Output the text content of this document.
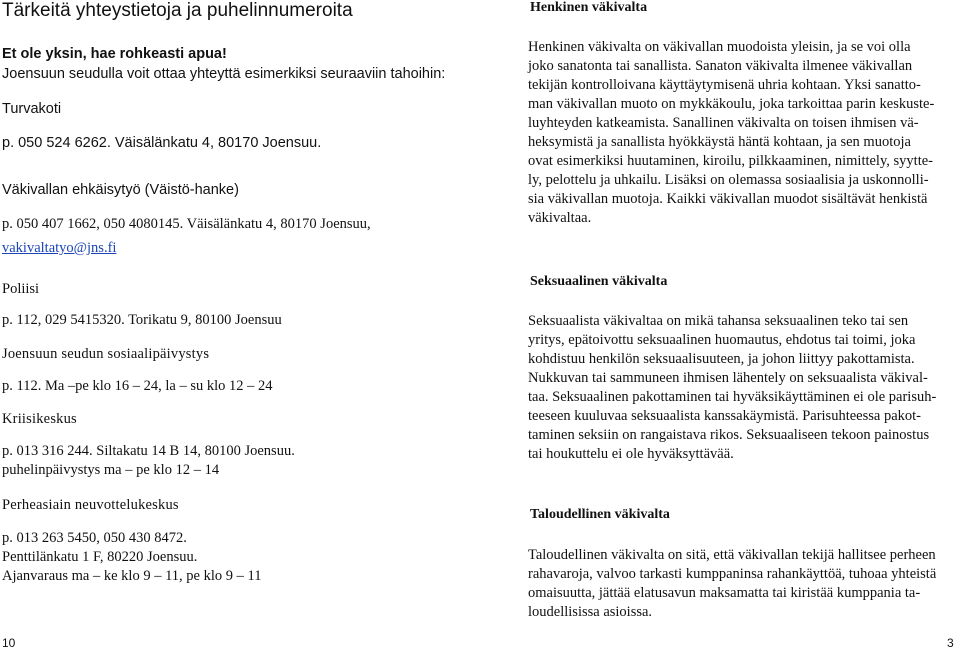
Tärkeitä yhteystietoja ja puhelinnumeroita
Et ole yksin, hae rohkeasti apua!
Joensuun seudulla voit ottaa yhteyttä esimerkiksi seuraaviin tahoihin:
Turvakoti
p. 050 524 6262. Väisälänkatu 4, 80170 Joensuu.
Väkivallan ehkäisytyö (Väistö-hanke)
p. 050 407 1662, 050 4080145. Väisälänkatu 4, 80170 Joensuu,
vakivaltatyo@jns.fi
Poliisi
p. 112, 029 5415320. Torikatu 9, 80100 Joensuu
Joensuun seudun sosiaalipäivystys
p. 112. Ma –pe klo 16 – 24, la – su klo 12 – 24
Kriisikeskus
p. 013 316 244. Siltakatu 14 B 14, 80100 Joensuu.
puhelinpäivystys ma – pe klo 12 – 14
Perheasiain neuvottelukeskus
p. 013 263 5450, 050 430 8472.
Penttilänkatu 1 F, 80220 Joensuu.
Ajanvaraus ma – ke klo 9 – 11, pe klo 9 – 11
10
Henkinen väkivalta
Henkinen väkivalta on väkivallan muodoista yleisin, ja se voi olla
joko sanatonta tai sanallista. Sanaton väkivalta ilmenee väkivallan
tekijän kontrolloivana käyttäytymisenä uhria kohtaan. Yksi sanatto-
man väkivallan muoto on mykkäkoulu, joka tarkoittaa parin keskuste-
luyhteyden katkeamista. Sanallinen väkivalta on toisen ihmisen vä-
heksymistä ja sanallista hyökkäystä häntä kohtaan, ja sen muotoja
ovat esimerkiksi huutaminen, kiroilu, pilkkaaminen, nimittely, syytte-
ly, pelottelu ja uhkailu. Lisäksi on olemassa sosiaalisia ja uskonnolli-
sia väkivallan muotoja. Kaikki väkivallan muodot sisältävät henkistä
väkivaltaa.
Seksuaalinen väkivalta
Seksuaalista väkivaltaa on mikä tahansa seksuaalinen teko tai sen
yritys, epätoivottu seksuaalinen huomautus, ehdotus tai toimi, joka
kohdistuu henkilön seksuaalisuuteen, ja johon liittyy pakottamista.
Nukkuvan tai sammuneen ihmisen lähentely on seksuaalista väkival-
taa. Seksuaalinen pakottaminen tai hyväksikäyttäminen ei ole parisuh-
teeseen kuuluvaa seksuaalista kanssakäymistä. Parisuhteessa pakot-
taminen seksiin on rangaistava rikos. Seksuaaliseen tekoon painostus
tai houkuttelu ei ole hyväksyttävää.
Taloudellinen väkivalta
Taloudellinen väkivalta on sitä, että väkivallan tekijä hallitsee perheen
rahavaroja, valvoo tarkasti kumppaninsa rahankäyttöä, tuhoaa yhteistä
omaisuutta, jättää elatusavun maksamatta tai kiristää kumppania ta-
loudellisissa asioissa.
3
